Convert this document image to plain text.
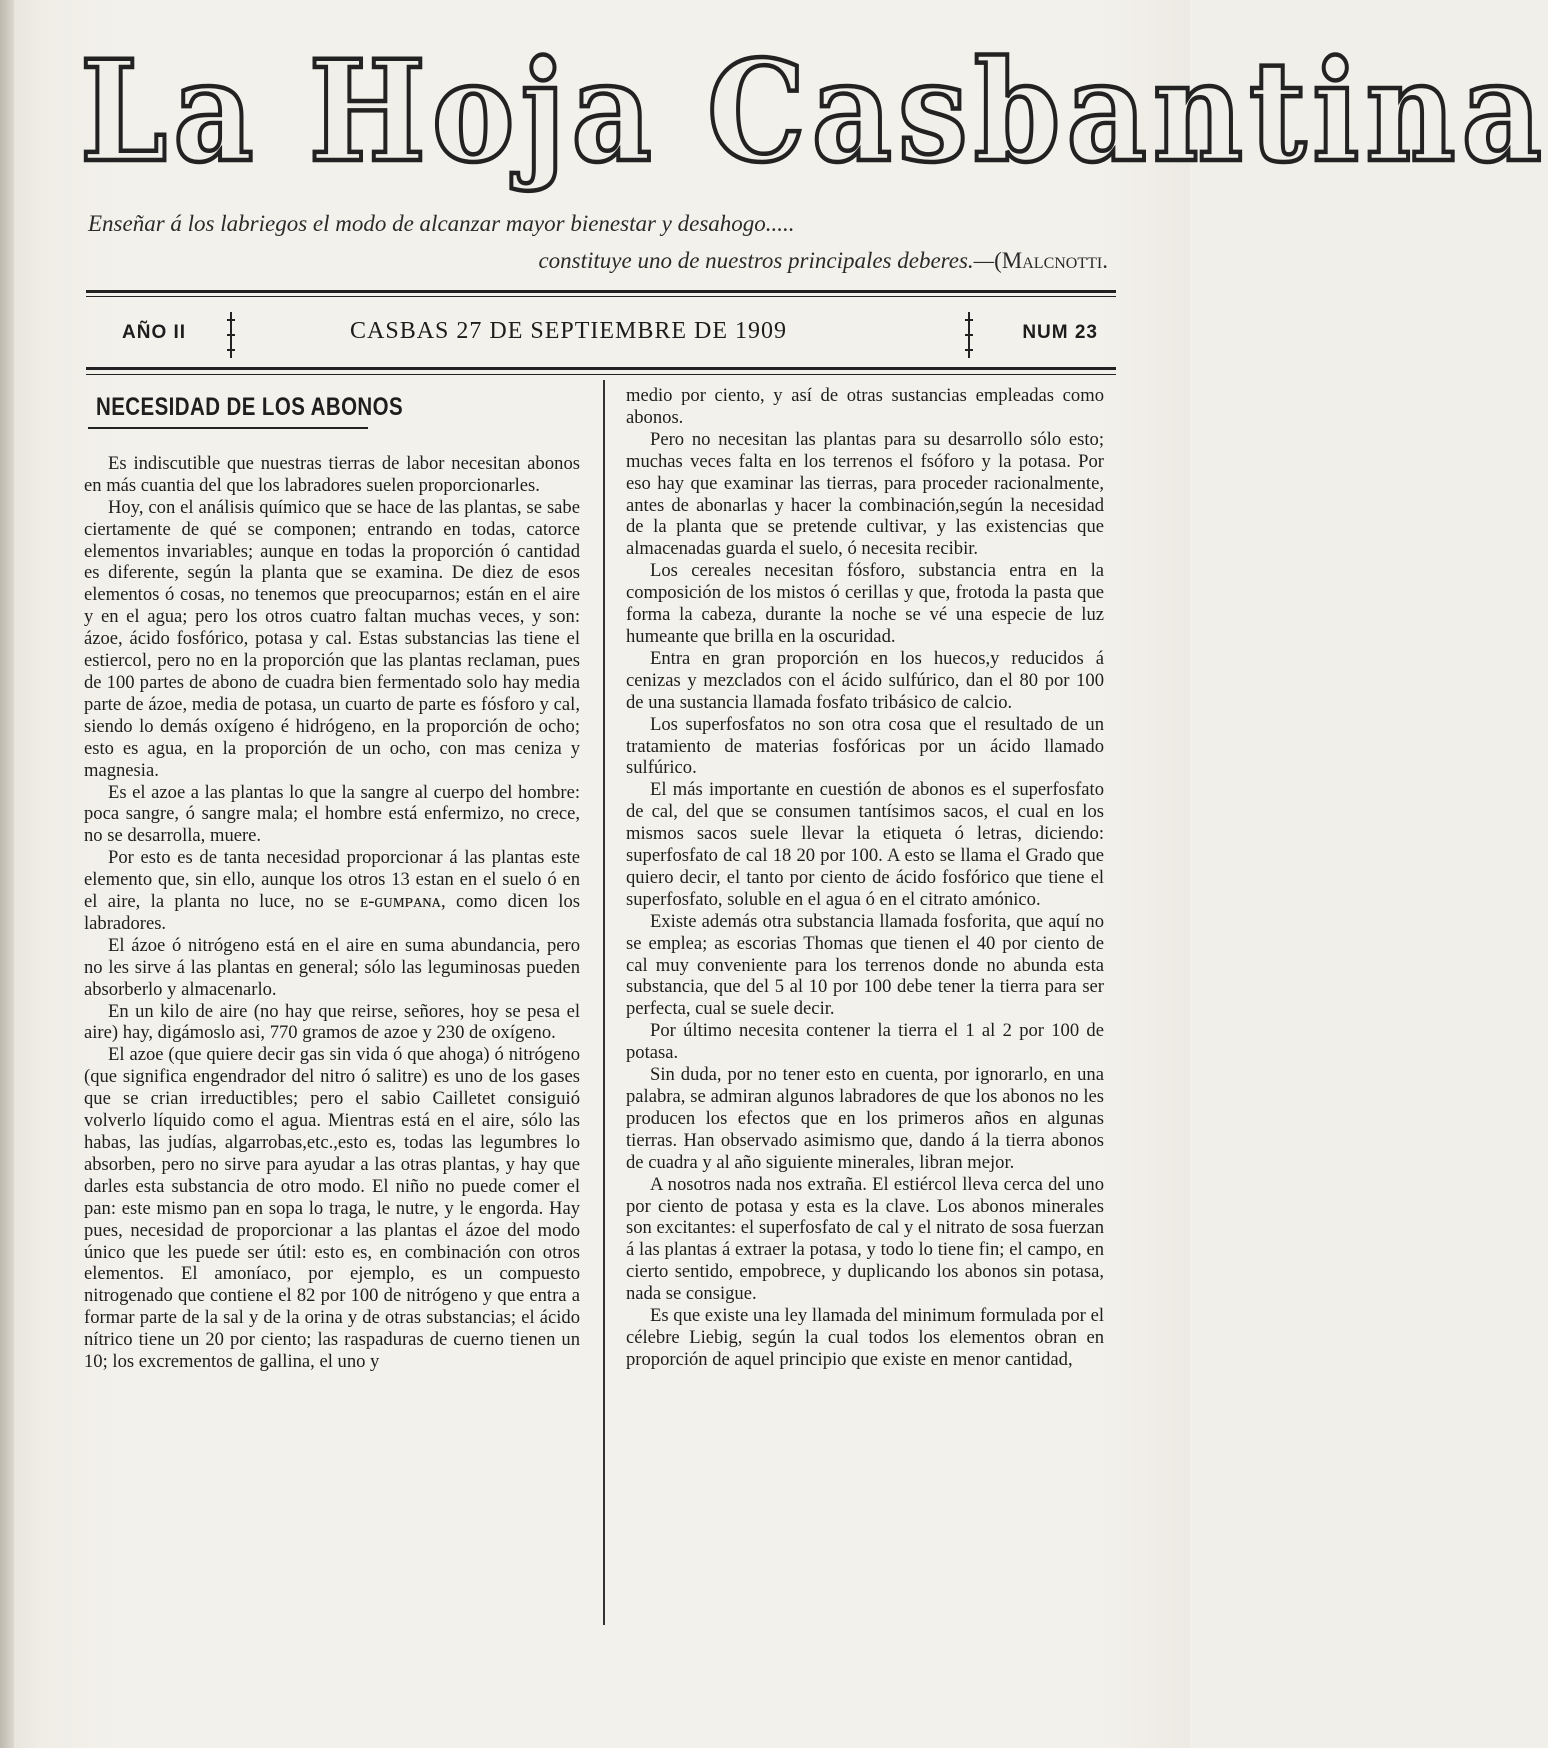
La Hoja Casbantina
Enseñar á los labriegos el modo de alcanzar mayor bienestar y desahogo.....
constituye uno de nuestros principales deberes.—(Malcnotti.
AÑO II	CASBAS 27 DE SEPTIEMBRE DE 1909	NUM 23
NECESIDAD DE LOS ABONOS

Es indiscutible que nuestras tierras de labor necesitan abonos en más cuantia del que los labradores suelen proporcionarles.

Hoy, con el análisis químico que se hace de las plantas, se sabe ciertamente de qué se componen; entrando en todas, catorce elementos invariables; aunque en todas la proporción ó cantidad es diferente, según la planta que se examina. De diez de esos elementos ó cosas, no tenemos que preocuparnos; están en el aire y en el agua; pero los otros cuatro faltan muchas veces, y son: ázoe, ácido fosfórico, potasa y cal. Estas substancias las tiene el estiercol, pero no en la proporción que las plantas reclaman, pues de 100 partes de abono de cuadra bien fermentado solo hay media parte de ázoe, media de potasa, un cuarto de parte es fósforo y cal, siendo lo demás oxígeno é hidrógeno, en la proporción de ocho; esto es agua, en la proporción de un ocho, con mas ceniza y magnesia.

Es el azoe a las plantas lo que la sangre al cuerpo del hombre: poca sangre, ó sangre mala; el hombre está enfermizo, no crece, no se desarrolla, muere.

Por esto es de tanta necesidad proporcionar á las plantas este elemento que, sin ello, aunque los otros 13 estan en el suelo ó en el aire, la planta no luce, no se ᴇ-ɢᴜᴍᴘᴀɴᴀ, como dicen los labradores.

El ázoe ó nitrógeno está en el aire en suma abundancia, pero no les sirve á las plantas en general; sólo las leguminosas pueden absorberlo y almacenarlo.

En un kilo de aire (no hay que reirse, señores, hoy se pesa el aire) hay, digámoslo asi, 770 gramos de azoe y 230 de oxígeno.

El azoe (que quiere decir gas sin vida ó que ahoga) ó nitrógeno (que significa engendrador del nitro ó salitre) es uno de los gases que se crian irreductibles; pero el sabio Cailletet consiguió volverlo líquido como el agua. Mientras está en el aire, sólo las habas, las judías, algarrobas,etc.,esto es, todas las legumbres lo absorben, pero no sirve para ayudar a las otras plantas, y hay que darles esta substancia de otro modo. El niño no puede comer el pan: este mismo pan en sopa lo traga, le nutre, y le engorda. Hay pues, necesidad de proporcionar a las plantas el ázoe del modo único que les puede ser útil: esto es, en combinación con otros elementos. El amoníaco, por ejemplo, es un compuesto nitrogenado que contiene el 82 por 100 de nitrógeno y que entra a formar parte de la sal y de la orina y de otras substancias; el ácido nítrico tiene un 20 por ciento; las raspaduras de cuerno tienen un 10; los excrementos de gallina, el uno y

medio por ciento, y así de otras sustancias empleadas como abonos.

Pero no necesitan las plantas para su desarrollo sólo esto; muchas veces falta en los terrenos el fsóforo y la potasa. Por eso hay que examinar las tierras, para proceder racionalmente, antes de abonarlas y hacer la combinación,según la necesidad de la planta que se pretende cultivar, y las existencias que almacenadas guarda el suelo, ó necesita recibir.

Los cereales necesitan fósforo, substancia entra en la composición de los mistos ó cerillas y que, frotoda la pasta que forma la cabeza, durante la noche se vé una especie de luz humeante que brilla en la oscuridad.

Entra en gran proporción en los huecos,y reducidos á cenizas y mezclados con el ácido sulfúrico, dan el 80 por 100 de una sustancia llamada fosfato tribásico de calcio.

Los superfosfatos no son otra cosa que el resultado de un tratamiento de materias fosfóricas por un ácido llamado sulfúrico.

El más importante en cuestión de abonos es el superfosfato de cal, del que se consumen tantísimos sacos, el cual en los mismos sacos suele llevar la etiqueta ó letras, diciendo: superfosfato de cal 18 20 por 100. A esto se llama el Grado que quiero decir, el tanto por ciento de ácido fosfórico que tiene el superfosfato, soluble en el agua ó en el citrato amónico.

Existe además otra substancia llamada fosforita, que aquí no se emplea; as escorias Thomas que tienen el 40 por ciento de cal muy conveniente para los terrenos donde no abunda esta substancia, que del 5 al 10 por 100 debe tener la tierra para ser perfecta, cual se suele decir.

Por último necesita contener la tierra el 1 al 2 por 100 de potasa.

Sin duda, por no tener esto en cuenta, por ignorarlo, en una palabra, se admiran algunos labradores de que los abonos no les producen los efectos que en los primeros años en algunas tierras. Han observado asimismo que, dando á la tierra abonos de cuadra y al año siguiente minerales, libran mejor.

A nosotros nada nos extraña. El estiércol lleva cerca del uno por ciento de potasa y esta es la clave. Los abonos minerales son excitantes: el superfosfato de cal y el nitrato de sosa fuerzan á las plantas á extraer la potasa, y todo lo tiene fin; el campo, en cierto sentido, empobrece, y duplicando los abonos sin potasa, nada se consigue.

Es que existe una ley llamada del minimum formulada por el célebre Liebig, según la cual todos los elementos obran en proporción de aquel principio que existe en menor cantidad,
